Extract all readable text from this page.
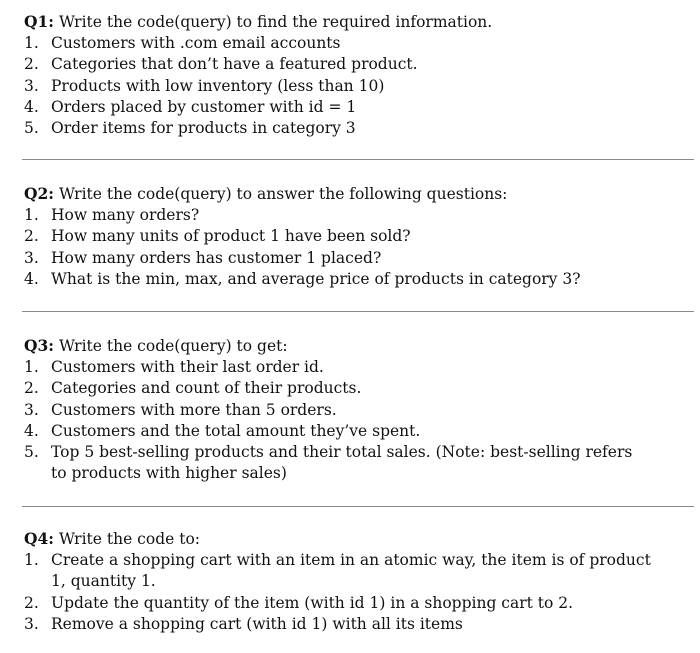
Q1: Write the code(query) to find the required information.
1. Customers with .com email accounts
2. Categories that don’t have a featured product.
3. Products with low inventory (less than 10)
4. Orders placed by customer with id = 1
5. Order items for products in category 3
Q2: Write the code(query) to answer the following questions:
1. How many orders?
2. How many units of product 1 have been sold?
3. How many orders has customer 1 placed?
4. What is the min, max, and average price of products in category 3?
Q3: Write the code(query) to get:
1. Customers with their last order id.
2. Categories and count of their products.
3. Customers with more than 5 orders.
4. Customers and the total amount they’ve spent.
5. Top 5 best-selling products and their total sales. (Note: best-selling refers to products with higher sales)
Q4: Write the code to:
1. Create a shopping cart with an item in an atomic way, the item is of product 1, quantity 1.
2. Update the quantity of the item (with id 1) in a shopping cart to 2.
3. Remove a shopping cart (with id 1) with all its items
